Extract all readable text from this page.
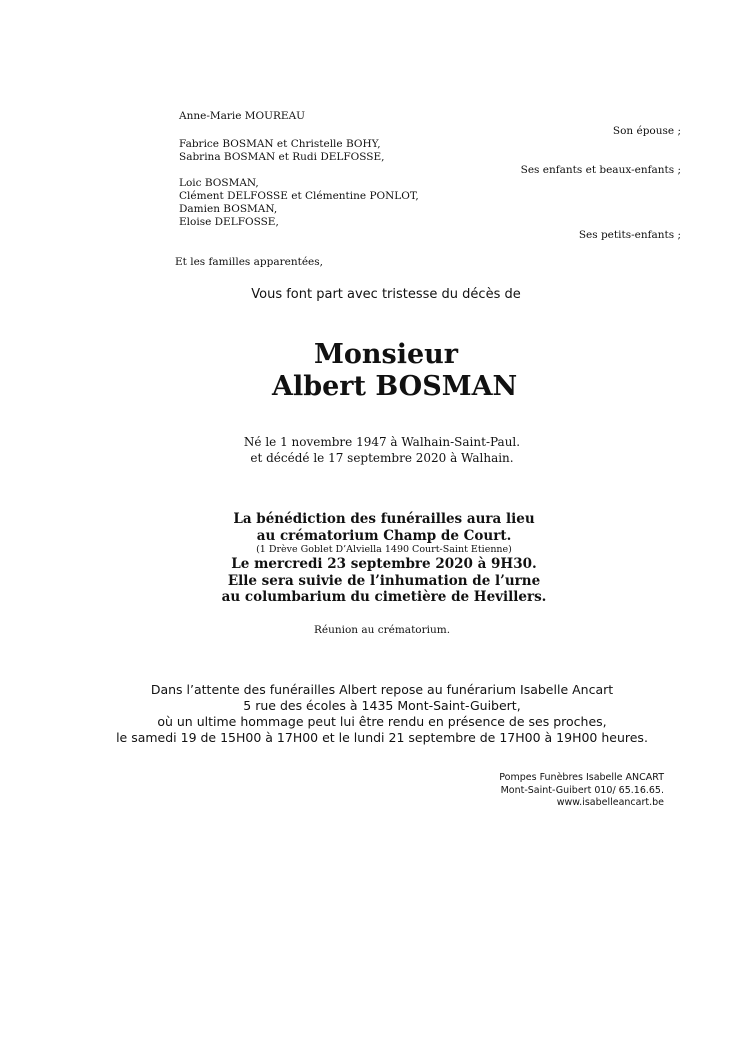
Anne-Marie MOUREAU
Son épouse ;
Fabrice BOSMAN et Christelle BOHY,
Sabrina BOSMAN et Rudi DELFOSSE,
Ses enfants et beaux-enfants ;
Loic BOSMAN,
Clément DELFOSSE et Clémentine PONLOT,
Damien BOSMAN,
Eloise DELFOSSE,
Ses petits-enfants ;
Et les familles apparentées,
Vous font part avec tristesse du décès de
Monsieur
Albert BOSMAN
Né le 1 novembre 1947 à Walhain-Saint-Paul.
et décédé le 17 septembre 2020 à Walhain.
La bénédiction des funérailles aura lieu
au crématorium Champ de Court.
(1 Drève Goblet D’Alviella 1490 Court-Saint Etienne)
Le mercredi 23 septembre 2020 à 9H30.
Elle sera suivie de l’inhumation de l’urne
au columbarium du cimetière de Hevillers.
Réunion au crématorium.
Dans l’attente des funérailles Albert repose au funérarium Isabelle Ancart
5 rue des écoles à 1435 Mont-Saint-Guibert,
où un ultime hommage peut lui être rendu en présence de ses proches,
le samedi 19 de 15H00 à 17H00 et le lundi 21 septembre de 17H00 à 19H00 heures.
Pompes Funèbres Isabelle ANCART
Mont-Saint-Guibert 010/ 65.16.65.
www.isabelleancart.be
